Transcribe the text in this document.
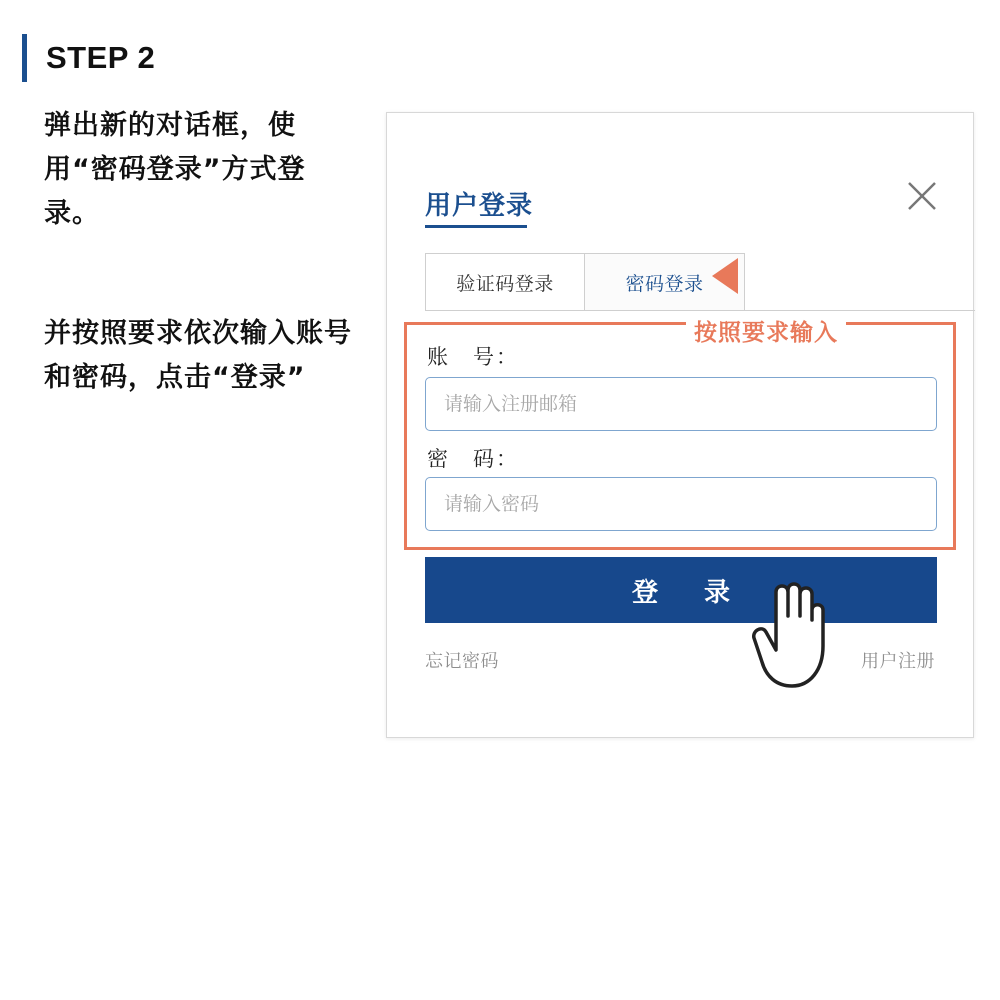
STEP 2
弹出新的对话框，使用“密码登录”方式登录。
并按照要求依次输入账号和密码，点击“登录”
用户登录
验证码登录	密码登录
账　号：
请输入注册邮箱
密　码：
请输入密码
登　录
忘记密码	用户注册
按照要求输入
